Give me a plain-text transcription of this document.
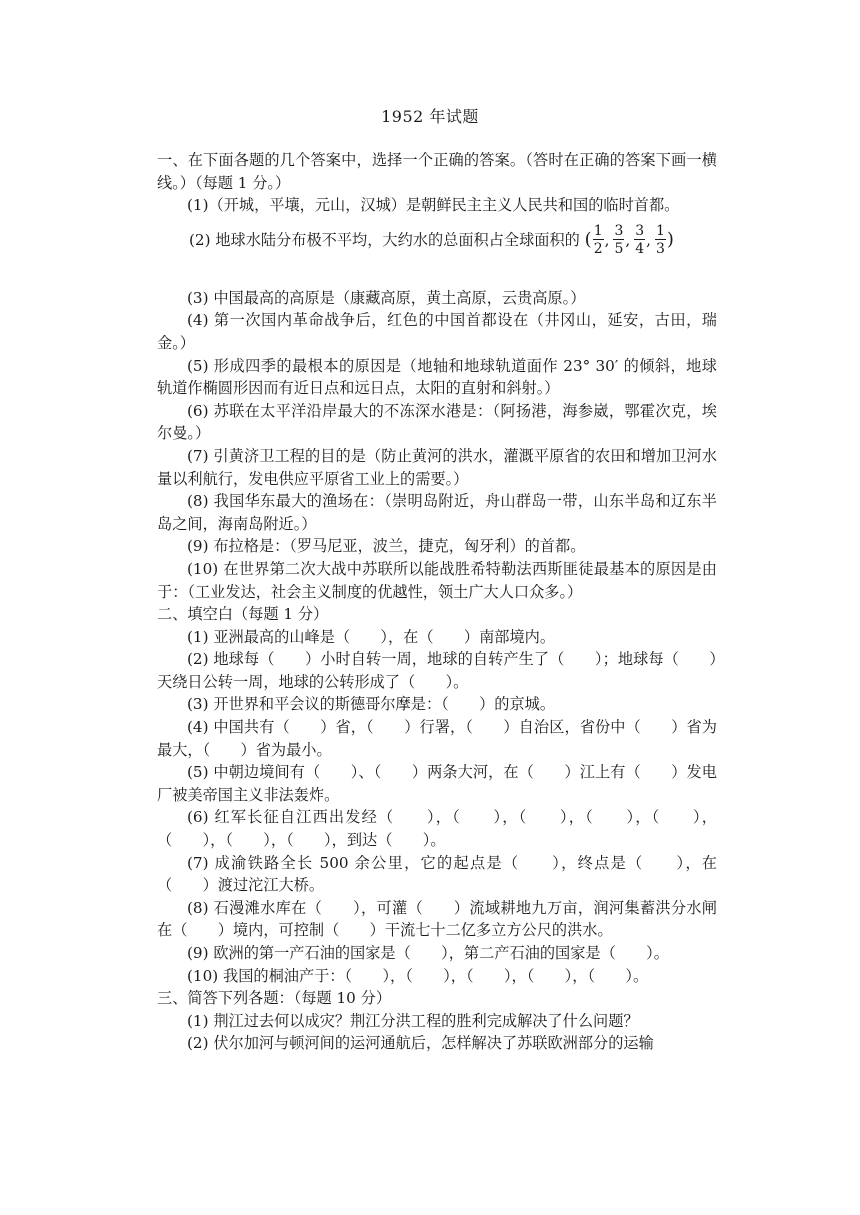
1952 年试题

一、在下面各题的几个答案中，选择一个正确的答案。（答时在正确的答案下画一横线。）（每题 1 分。）

(1)（开城，平壤，元山，汉城）是朝鲜民主主义人民共和国的临时首都。

(2) 地球水陆分布极不平均，大约水的总面积占全球面积的 ( $\frac{1}{2}$ , $\frac{3}{5}$ , $\frac{3}{4}$ , $\frac{1}{3}$ )

(3) 中国最高的高原是（康藏高原，黄土高原，云贵高原。）

(4) 第一次国内革命战争后，红色的中国首都设在（井冈山，延安，古田，瑞金。）

(5) 形成四季的最根本的原因是（地轴和地球轨道面作 23° 30′ 的倾斜，地球轨道作椭圆形因而有近日点和远日点，太阳的直射和斜射。）

(6) 苏联在太平洋沿岸最大的不冻深水港是：（阿扬港，海参崴，鄂霍次克，埃尔曼。）

(7) 引黄济卫工程的目的是（防止黄河的洪水，灌溉平原省的农田和增加卫河水量以利航行，发电供应平原省工业上的需要。）

(8) 我国华东最大的渔场在：（崇明岛附近，舟山群岛一带，山东半岛和辽东半岛之间，海南岛附近。）

(9) 布拉格是：（罗马尼亚，波兰，捷克，匈牙利）的首都。

(10) 在世界第二次大战中苏联所以能战胜希特勒法西斯匪徒最基本的原因是由于：（工业发达，社会主义制度的优越性，领土广大人口众多。）

二、填空白（每题 1 分）

(1) 亚洲最高的山峰是（　　），在（　　）南部境内。

(2) 地球每（　　）小时自转一周，地球的自转产生了（　　）；地球每（　　）天绕日公转一周，地球的公转形成了（　　）。

(3) 开世界和平会议的斯德哥尔摩是：（　　）的京城。

(4) 中国共有（　　）省，（　　）行署，（　　）自治区，省份中（　　）省为最大，（　　）省为最小。

(5) 中朝边境间有（　　）、（　　）两条大河，在（　　）江上有（　　）发电厂被美帝国主义非法轰炸。

(6) 红军长征自江西出发经（　　），（　　），（　　），（　　），（　　），（　　），（　　），（　　），到达（　　）。

(7) 成渝铁路全长 500 余公里，它的起点是（　　），终点是（　　），在（　　）渡过沱江大桥。

(8) 石漫滩水库在（　　），可灌（　　）流域耕地九万亩，润河集蓄洪分水闸在（　　）境内，可控制（　　）干流七十二亿多立方公尺的洪水。

(9) 欧洲的第一产石油的国家是（　　），第二产石油的国家是（　　）。

(10) 我国的桐油产于：（　　），（　　），（　　），（　　），（　　）。

三、简答下列各题：（每题 10 分）

(1) 荆江过去何以成灾？荆江分洪工程的胜利完成解决了什么问题？

(2) 伏尔加河与顿河间的运河通航后，怎样解决了苏联欧洲部分的运输
